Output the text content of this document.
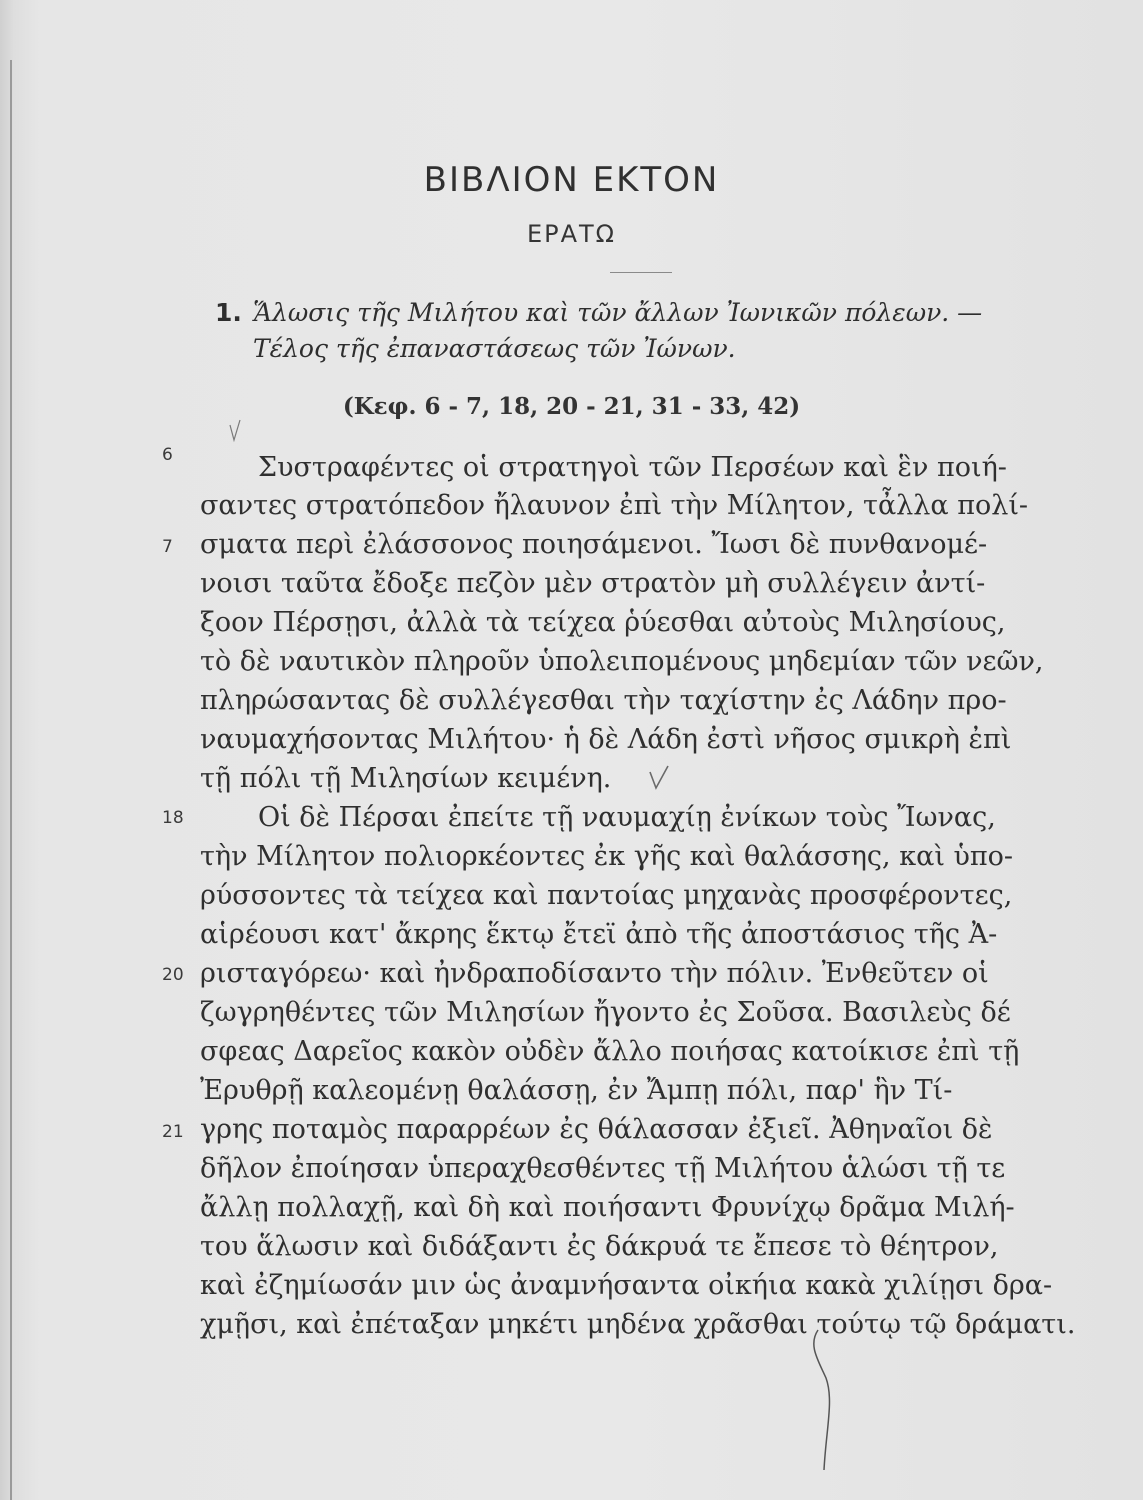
ΒΙΒΛΙΟΝ ΕΚΤΟΝ
ΕΡΑΤΩ
1. Ἅλωσις τῆς Μιλήτου καὶ τῶν ἄλλων Ἰωνικῶν πόλεων. —
Τέλος τῆς ἐπαναστάσεως τῶν Ἰώνων.
(Κεφ. 6 - 7, 18, 20 - 21, 31 - 33, 42)
6
7
18
20
21
Συστραφέντες οἱ στρατηγοὶ τῶν Περσέων καὶ ἓν ποιή-
σαντες στρατόπεδον ἤλαυνον ἐπὶ τὴν Μίλητον, τἆλλα πολί-
σματα περὶ ἐλάσσονος ποιησάμενοι. Ἴωσι δὲ πυνθανομέ-
νοισι ταῦτα ἔδοξε πεζὸν μὲν στρατὸν μὴ συλλέγειν ἀντί-
ξοον Πέρσῃσι, ἀλλὰ τὰ τείχεα ῥύεσθαι αὐτοὺς Μιλησίους,
τὸ δὲ ναυτικὸν πληροῦν ὑπολειπομένους μηδεμίαν τῶν νεῶν,
πληρώσαντας δὲ συλλέγεσθαι τὴν ταχίστην ἐς Λάδην προ-
ναυμαχήσοντας Μιλήτου· ἡ δὲ Λάδη ἐστὶ νῆσος σμικρὴ ἐπὶ
τῇ πόλι τῇ Μιλησίων κειμένη.
Οἱ δὲ Πέρσαι ἐπείτε τῇ ναυμαχίῃ ἐνίκων τοὺς Ἴωνας,
τὴν Μίλητον πολιορκέοντες ἐκ γῆς καὶ θαλάσσης, καὶ ὑπο-
ρύσσοντες τὰ τείχεα καὶ παντοίας μηχανὰς προσφέροντες,
αἱρέουσι κατ' ἄκρης ἕκτῳ ἔτεϊ ἀπὸ τῆς ἀποστάσιος τῆς Ἀ-
ρισταγόρεω· καὶ ἠνδραποδίσαντο τὴν πόλιν. Ἐνθεῦτεν οἱ
ζωγρηθέντες τῶν Μιλησίων ἤγοντο ἐς Σοῦσα. Βασιλεὺς δέ
σφεας Δαρεῖος κακὸν οὐδὲν ἄλλο ποιήσας κατοίκισε ἐπὶ τῇ
Ἐρυθρῇ καλεομένῃ θαλάσσῃ, ἐν Ἄμπῃ πόλι, παρ' ἣν Τί-
γρης ποταμὸς παραρρέων ἐς θάλασσαν ἐξιεῖ. Ἀθηναῖοι δὲ
δῆλον ἐποίησαν ὑπεραχθεσθέντες τῇ Μιλήτου ἁλώσι τῇ τε
ἄλλῃ πολλαχῇ, καὶ δὴ καὶ ποιήσαντι Φρυνίχῳ δρᾶμα Μιλή-
του ἅλωσιν καὶ διδάξαντι ἐς δάκρυά τε ἔπεσε τὸ θέητρον,
καὶ ἐζημίωσάν μιν ὡς ἀναμνήσαντα οἰκήια κακὰ χιλίῃσι δρα-
χμῇσι, καὶ ἐπέταξαν μηκέτι μηδένα χρᾶσθαι τούτῳ τῷ δράματι.
